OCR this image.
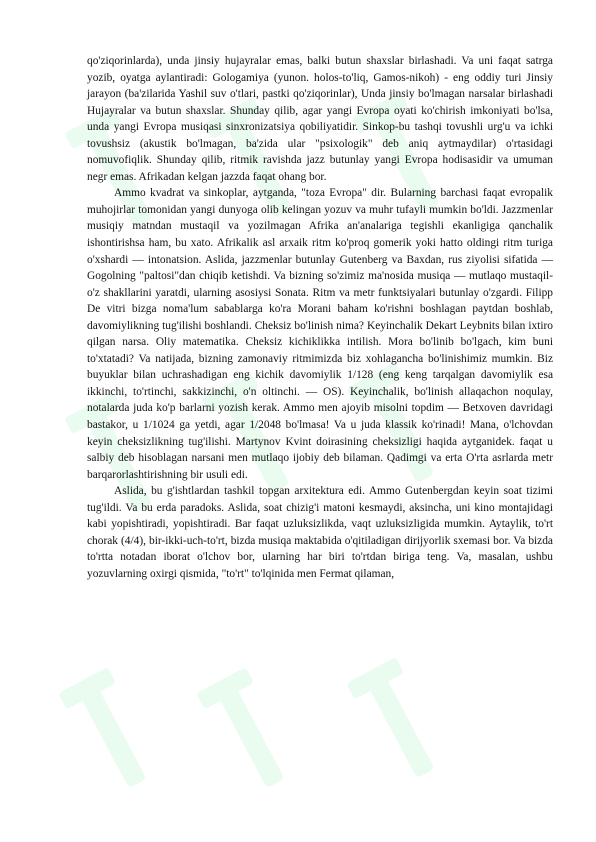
qo'ziqorinlarda), unda jinsiy hujayralar emas, balki butun shaxslar birlashadi. Va uni faqat satrga yozib, oyatga aylantiradi: Gologamiya (yunon. holos-to'liq, Gamos-nikoh) - eng oddiy turi Jinsiy jarayon (ba'zilarida Yashil suv o'tlari, pastki qo'ziqorinlar), Unda jinsiy bo'lmagan narsalar birlashadi Hujayralar va butun shaxslar. Shunday qilib, agar yangi Evropa oyati ko'chirish imkoniyati bo'lsa, unda yangi Evropa musiqasi sinxronizatsiya qobiliyatidir. Sinkop-bu tashqi tovushli urg'u va ichki tovushsiz (akustik bo'lmagan, ba'zida ular "psixologik" deb aniq aytmaydilar) o'rtasidagi nomuvofiqlik. Shunday qilib, ritmik ravishda jazz butunlay yangi Evropa hodisasidir va umuman negr emas. Afrikadan kelgan jazzda faqat ohang bor.

Ammo kvadrat va sinkoplar, aytganda, "toza Evropa" dir. Bularning barchasi faqat evropalik muhojirlar tomonidan yangi dunyoga olib kelingan yozuv va muhr tufayli mumkin bo'ldi. Jazzmenlar musiqiy matndan mustaqil va yozilmagan Afrika an'analariga tegishli ekanligiga qanchalik ishontirishsa ham, bu xato. Afrikalik asl arxaik ritm ko'proq gomerik yoki hatto oldingi ritm turiga o'xshardi — intonatsion. Aslida, jazzmenlar butunlay Gutenberg va Baxdan, rus ziyolisi sifatida — Gogolning "paltosi"dan chiqib ketishdi. Va bizning so'zimiz ma'nosida musiqa — mutlaqo mustaqil-o'z shakllarini yaratdi, ularning asosiysi Sonata. Ritm va metr funktsiyalari butunlay o'zgardi. Filipp De vitri bizga noma'lum sabablarga ko'ra Morani baham ko'rishni boshlagan paytdan boshlab, davomiylikning tug'ilishi boshlandi. Cheksiz bo'linish nima? Keyinchalik Dekart Leybnits bilan ixtiro qilgan narsa. Oliy matematika. Cheksiz kichiklikka intilish. Mora bo'linib bo'lgach, kim buni to'xtatadi? Va natijada, bizning zamonaviy ritmimizda biz xohlagancha bo'linishimiz mumkin. Biz buyuklar bilan uchrashadigan eng kichik davomiylik 1/128 (eng keng tarqalgan davomiylik esa ikkinchi, to'rtinchi, sakkizinchi, o'n oltinchi. — OS). Keyinchalik, bo'linish allaqachon noqulay, notalarda juda ko'p barlarni yozish kerak. Ammo men ajoyib misolni topdim — Betxoven davridagi bastakor, u 1/1024 ga yetdi, agar 1/2048 bo'lmasa! Va u juda klassik ko'rinadi! Mana, o'lchovdan keyin cheksizlikning tug'ilishi. Martynov Kvint doirasining cheksizligi haqida aytganidek. faqat u salbiy deb hisoblagan narsani men mutlaqo ijobiy deb bilaman. Qadimgi va erta O'rta asrlarda metr barqarorlashtirishning bir usuli edi.

Aslida, bu g'ishtlardan tashkil topgan arxitektura edi. Ammo Gutenbergdan keyin soat tizimi tug'ildi. Va bu erda paradoks. Aslida, soat chizig'i matoni kesmaydi, aksincha, uni kino montajidagi kabi yopishtiradi, yopishtiradi. Bar faqat uzluksizlikda, vaqt uzluksizligida mumkin. Aytaylik, to'rt chorak (4/4), bir-ikki-uch-to'rt, bizda musiqa maktabida o'qitiladigan dirijyorlik sxemasi bor. Va bizda to'rtta notadan iborat o'lchov bor, ularning har biri to'rtdan biriga teng. Va, masalan, ushbu yozuvlarning oxirgi qismida, "to'rt" to'lqinida men Fermat qilaman,
